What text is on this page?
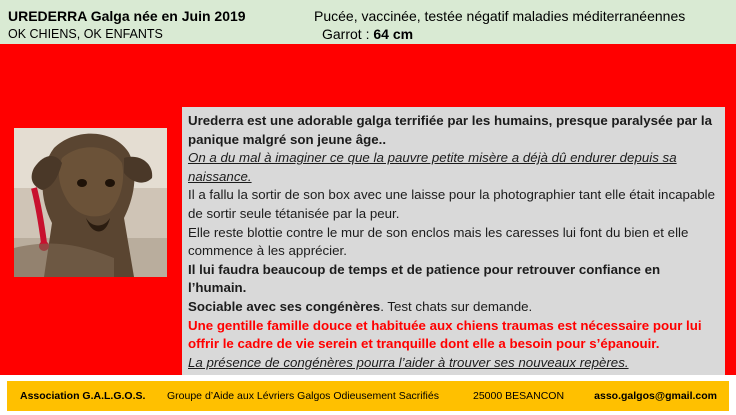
UREDERRA Galga née en Juin 2019
OK CHIENS, OK ENFANTS
Pucée, vaccinée, testée négatif maladies méditerranéennes
Garrot : 64 cm

Urederra est une adorable galga terrifiée par les humains, presque paralysée par la panique malgré son jeune âge..

On a du mal à imaginer ce que la pauvre petite misère a déjà dû endurer depuis sa naissance.

Il a fallu la sortir de son box avec une laisse pour la photographier tant elle était incapable de sortir seule tétanisée par la peur.

Elle reste blottie contre le mur de son enclos mais les caresses lui font du bien et elle commence à les apprécier.

Il lui faudra beaucoup de temps et de patience pour retrouver confiance en l’humain.

Sociable avec ses congénères. Test chats sur demande.

Une gentille famille douce et habituée aux chiens traumas est nécessaire pour lui offrir le cadre de vie serein et tranquille dont elle a besoin pour s’épanouir.

La présence de congénères pourra l’aider à trouver ses nouveaux repères.

Association G.A.L.G.O.S. Groupe d’Aide aux Lévriers Galgos Odieusement Sacrifiés	25000 BESANCON	asso.galgos@gmail.com
